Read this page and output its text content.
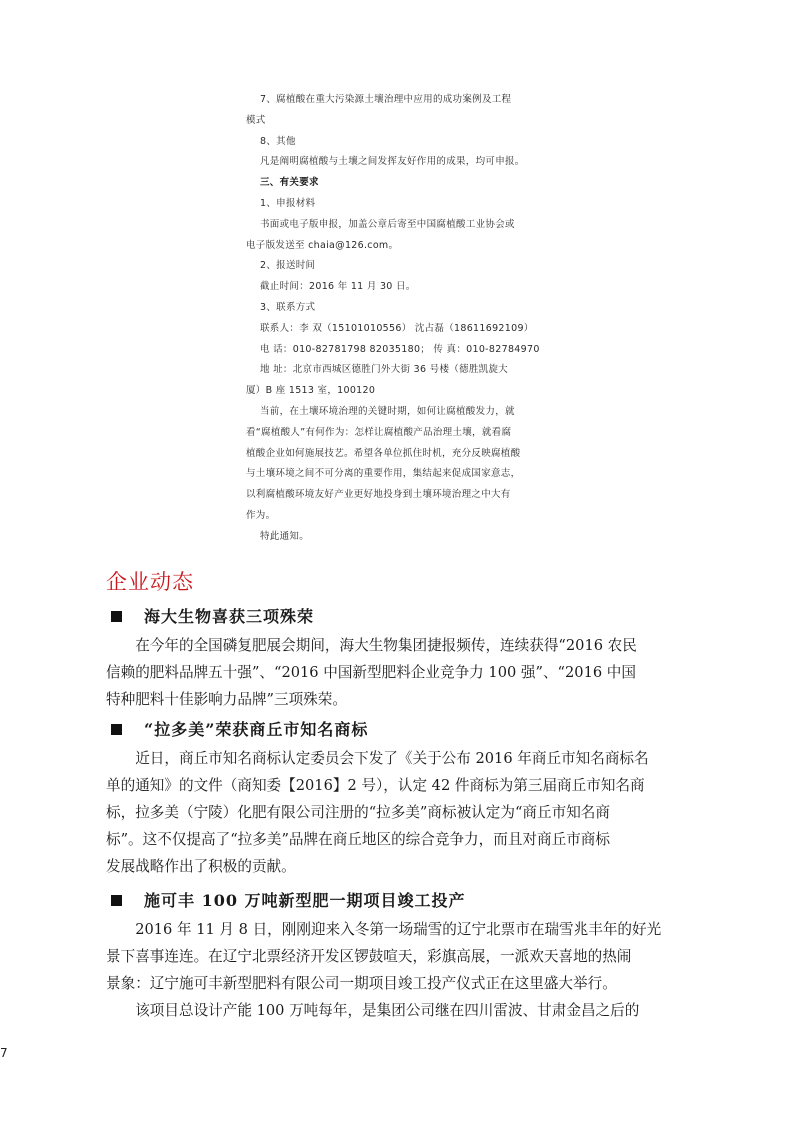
7、腐植酸在重大污染源土壤治理中应用的成功案例及工程

模式

8、其他

凡是阐明腐植酸与土壤之间发挥友好作用的成果，均可申报。

三、有关要求

1、申报材料

书面或电子版申报，加盖公章后寄至中国腐植酸工业协会或

电子版发送至 chaia@126.com。

2、报送时间

截止时间：2016 年 11 月 30 日。

3、联系方式

联系人：李 双（15101010556） 沈占磊（18611692109）

电 话：010-82781798 82035180； 传 真：010-82784970

地 址：北京市西城区德胜门外大街 36 号楼（德胜凯旋大

厦）B 座 1513 室，100120

当前，在土壤环境治理的关键时期，如何让腐植酸发力，就

看“腐植酸人”有何作为：怎样让腐植酸产品治理土壤，就看腐

植酸企业如何施展技艺。希望各单位抓住时机，充分反映腐植酸

与土壤环境之间不可分离的重要作用，集结起来促成国家意志，

以利腐植酸环境友好产业更好地投身到土壤环境治理之中大有

作为。

特此通知。

企业动态
海大生物喜获三项殊荣

在今年的全国磷复肥展会期间，海大生物集团捷报频传，连续获得“2016 农民

信赖的肥料品牌五十强”、“2016 中国新型肥料企业竞争力 100 强”、“2016 中国

特种肥料十佳影响力品牌”三项殊荣。

“拉多美”荣获商丘市知名商标

近日，商丘市知名商标认定委员会下发了《关于公布 2016 年商丘市知名商标名

单的通知》的文件（商知委【2016】2 号），认定 42 件商标为第三届商丘市知名商

标，拉多美（宁陵）化肥有限公司注册的“拉多美”商标被认定为“商丘市知名商

标”。这不仅提高了“拉多美”品牌在商丘地区的综合竞争力，而且对商丘市商标

发展战略作出了积极的贡献。

施可丰 100 万吨新型肥一期项目竣工投产

2016 年 11 月 8 日，刚刚迎来入冬第一场瑞雪的辽宁北票市在瑞雪兆丰年的好光

景下喜事连连。在辽宁北票经济开发区锣鼓喧天，彩旗高展，一派欢天喜地的热闹

景象：辽宁施可丰新型肥料有限公司一期项目竣工投产仪式正在这里盛大举行。

该项目总设计产能 100 万吨每年，是集团公司继在四川雷波、甘肃金昌之后的

7
